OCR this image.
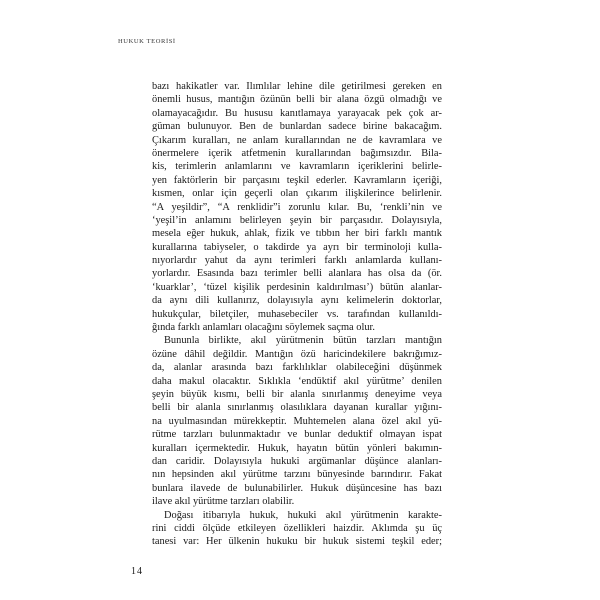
HUKUK TEORİSİ
bazı hakikatler var. Ilımlılar lehine dile getirilmesi gereken en
önemli husus, mantığın özünün belli bir alana özgü olmadığı ve
olamayacağıdır. Bu hususu kanıtlamaya yarayacak pek çok ar-
güman bulunuyor. Ben de bunlardan sadece birine bakacağım.
Çıkarım kuralları, ne anlam kurallarından ne de kavramlara ve
önermelere içerik atfetmenin kurallarından bağımsızdır. Bila-
kis, terimlerin anlamlarını ve kavramların içeriklerini belirle-
yen faktörlerin bir parçasını teşkil ederler. Kavramların içeriği,
kısmen, onlar için geçerli olan çıkarım ilişkilerince belirlenir.
“A yeşildir”, “A renklidir”i zorunlu kılar. Bu, ‘renkli’nin ve
‘yeşil’in anlamını belirleyen şeyin bir parçasıdır. Dolayısıyla,
mesela eğer hukuk, ahlak, fizik ve tıbbın her biri farklı mantık
kurallarına tabiyseler, o takdirde ya ayrı bir terminoloji kulla-
nıyorlardır yahut da aynı terimleri farklı anlamlarda kullanı-
yorlardır. Esasında bazı terimler belli alanlara has olsa da (ör.
‘kuarklar’, ‘tüzel kişilik perdesinin kaldırılması’) bütün alanlar-
da aynı dili kullanırız, dolayısıyla aynı kelimelerin doktorlar,
hukukçular, biletçiler, muhasebeciler vs. tarafından kullanıldı-
ğında farklı anlamları olacağını söylemek saçma olur.
Bununla birlikte, akıl yürütmenin bütün tarzları mantığın
özüne dâhil değildir. Mantığın özü haricindekilere bakrığımız-
da, alanlar arasında bazı farklılıklar olabileceğini düşünmek
daha makul olacaktır. Sıklıkla ‘endüktif akıl yürütme’ denilen
şeyin büyük kısmı, belli bir alanla sınırlanmış deneyime veya
belli bir alanla sınırlanmış olasılıklara dayanan kurallar yığını-
na uyulmasından mürekkeptir. Muhtemelen alana özel akıl yü-
rütme tarzları bulunmaktadır ve bunlar deduktif olmayan ispat
kuralları içermektedir. Hukuk, hayatın bütün yönleri bakımın-
dan caridir. Dolayısıyla hukuki argümanlar düşünce alanları-
nın hepsinden akıl yürütme tarzını bünyesinde barındırır. Fakat
bunlara ilavede de bulunabilirler. Hukuk düşüncesine has bazı
ilave akıl yürütme tarzları olabilir.
Doğası itibarıyla hukuk, hukuki akıl yürütmenin karakte-
rini ciddi ölçüde etkileyen özellikleri haizdir. Aklımda şu üç
tanesi var: Her ülkenin hukuku bir hukuk sistemi teşkil eder;
14
